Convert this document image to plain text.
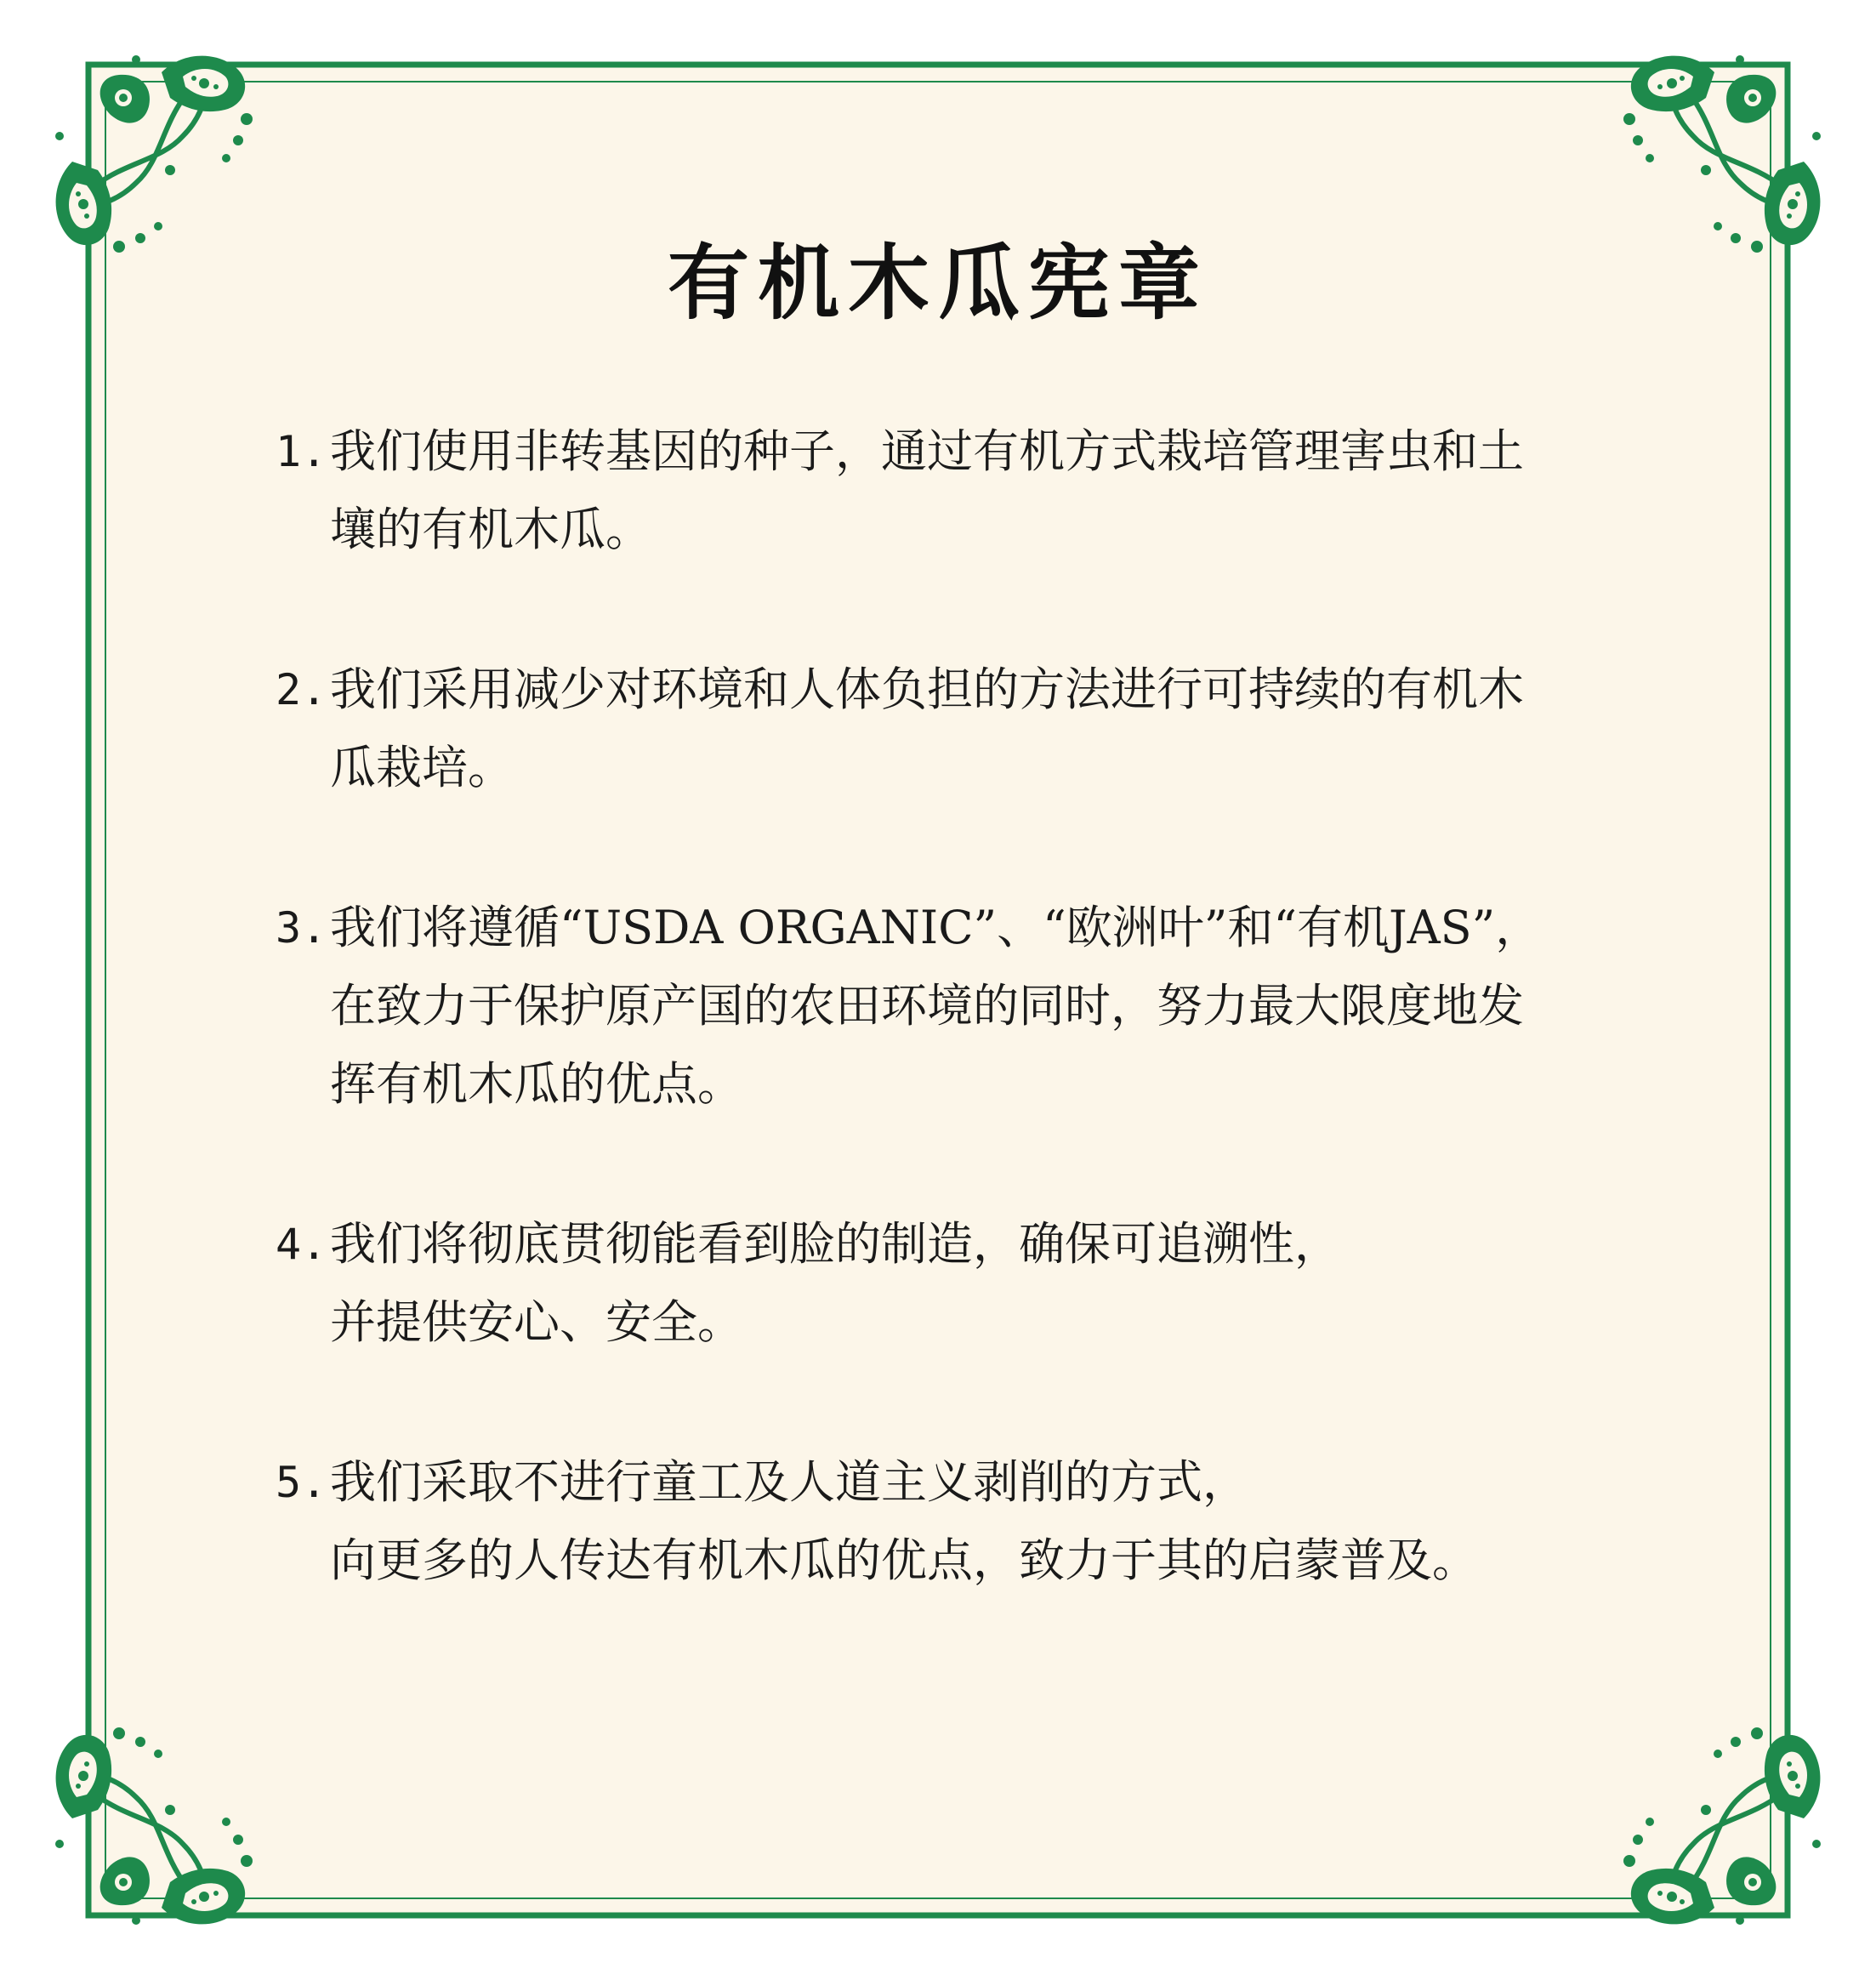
有机木瓜宪章
1. 我们使用非转基因的种子，通过有机方式栽培管理害虫和土
壤的有机木瓜。
2. 我们采用减少对环境和人体负担的方法进行可持续的有机木
瓜栽培。
3. 我们将遵循“USDA ORGANIC”、“欧洲叶”和“有机JAS”，
在致力于保护原产国的农田环境的同时，努力最大限度地发
挥有机木瓜的优点。
4. 我们将彻底贯彻能看到脸的制造，确保可追溯性，
并提供安心、安全。
5. 我们采取不进行童工及人道主义剥削的方式，
向更多的人传达有机木瓜的优点，致力于其的启蒙普及。
